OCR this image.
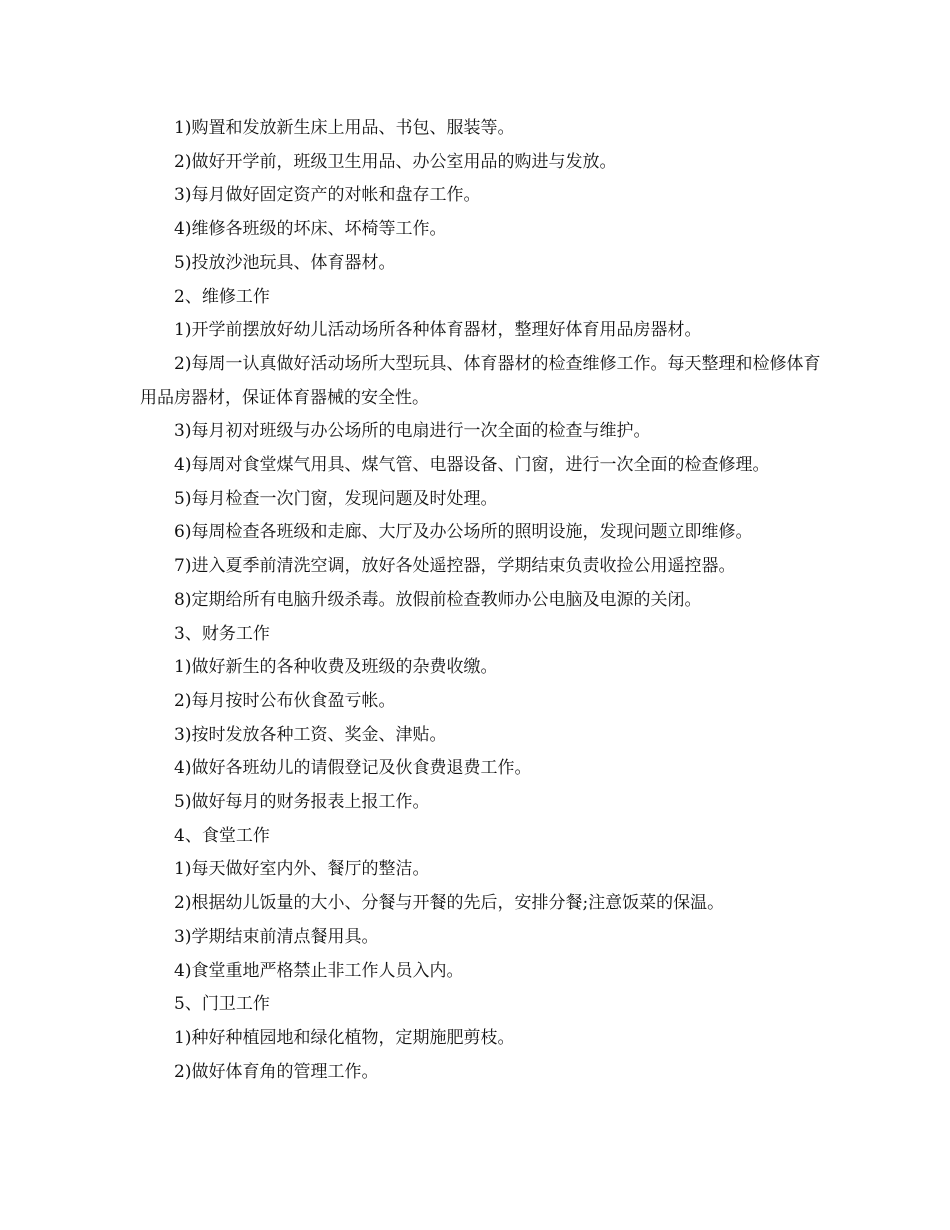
1)购置和发放新生床上用品、书包、服装等。

2)做好开学前，班级卫生用品、办公室用品的购进与发放。

3)每月做好固定资产的对帐和盘存工作。

4)维修各班级的坏床、坏椅等工作。

5)投放沙池玩具、体育器材。

2、维修工作

1)开学前摆放好幼儿活动场所各种体育器材，整理好体育用品房器材。

2)每周一认真做好活动场所大型玩具、体育器材的检查维修工作。每天整理和检修体育用品房器材，保证体育器械的安全性。

3)每月初对班级与办公场所的电扇进行一次全面的检查与维护。

4)每周对食堂煤气用具、煤气管、电器设备、门窗，进行一次全面的检查修理。

5)每月检查一次门窗，发现问题及时处理。

6)每周检查各班级和走廊、大厅及办公场所的照明设施，发现问题立即维修。

7)进入夏季前清洗空调，放好各处遥控器，学期结束负责收捡公用遥控器。

8)定期给所有电脑升级杀毒。放假前检查教师办公电脑及电源的关闭。

3、财务工作

1)做好新生的各种收费及班级的杂费收缴。

2)每月按时公布伙食盈亏帐。

3)按时发放各种工资、奖金、津贴。

4)做好各班幼儿的请假登记及伙食费退费工作。

5)做好每月的财务报表上报工作。

4、食堂工作

1)每天做好室内外、餐厅的整洁。

2)根据幼儿饭量的大小、分餐与开餐的先后，安排分餐;注意饭菜的保温。

3)学期结束前清点餐用具。

4)食堂重地严格禁止非工作人员入内。

5、门卫工作

1)种好种植园地和绿化植物，定期施肥剪枝。

2)做好体育角的管理工作。
